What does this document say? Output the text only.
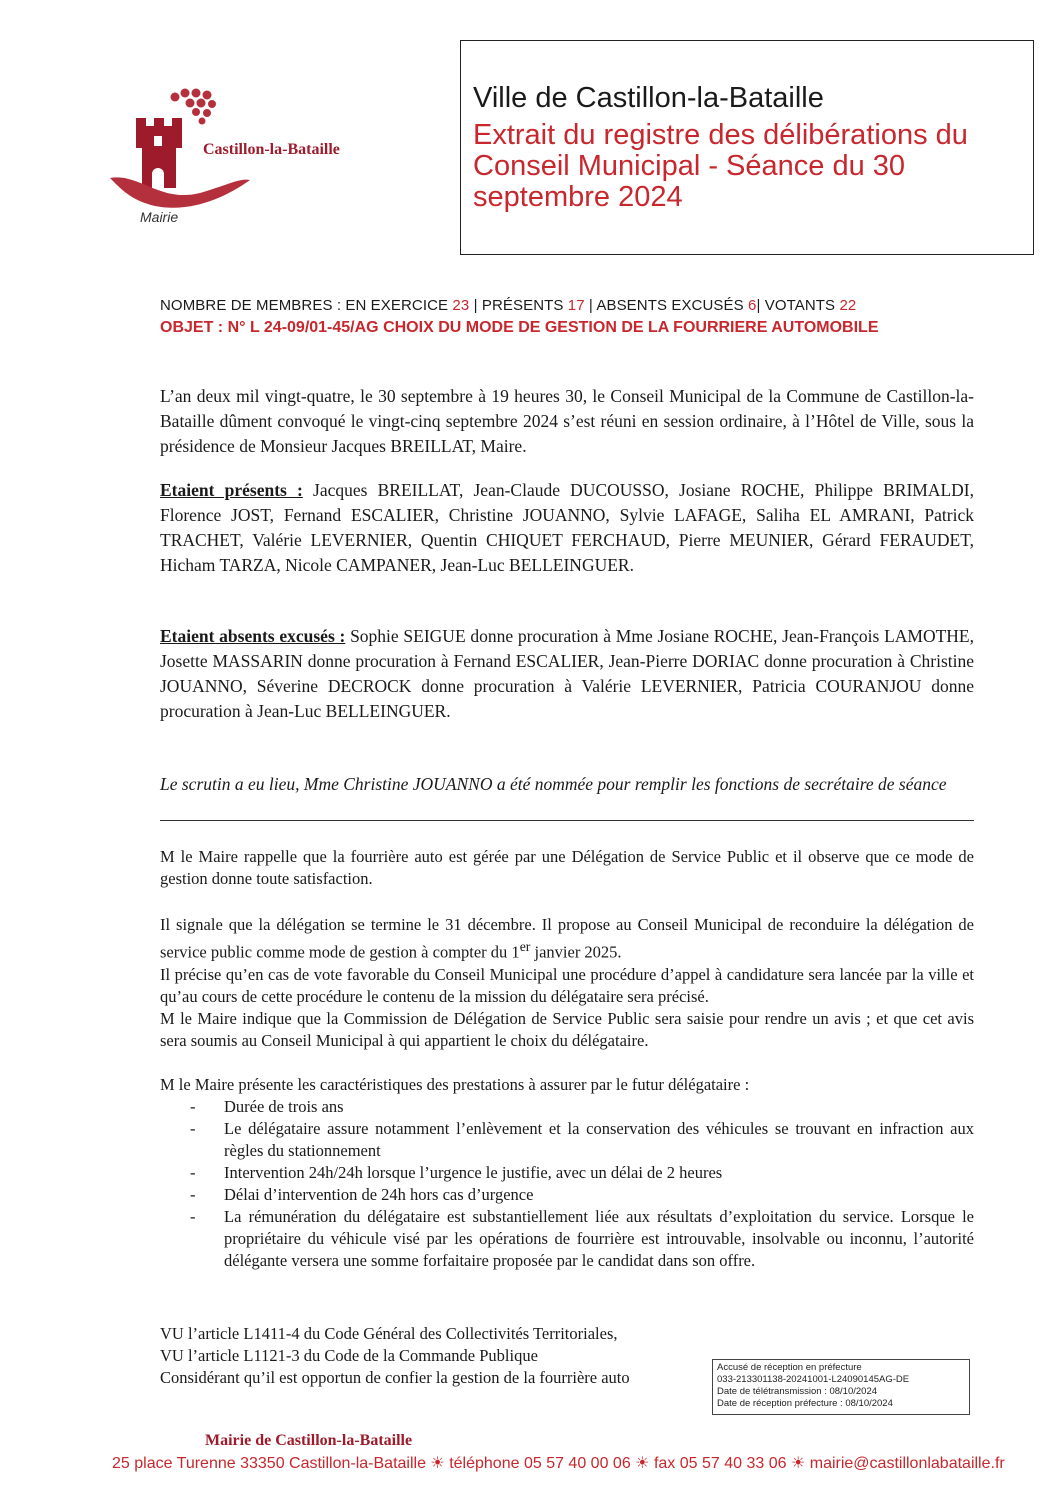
Castillon-la-Bataille
Mairie
Ville de Castillon-la-Bataille
Extrait du registre des délibérations du
Conseil Municipal - Séance du 30
septembre 2024
NOMBRE DE MEMBRES : EN EXERCICE 23 | PRÉSENTS 17 | ABSENTS EXCUSÉS 6| VOTANTS 22
OBJET : N° L 24-09/01-45/AG CHOIX DU MODE DE GESTION DE LA FOURRIERE AUTOMOBILE
L’an deux mil vingt-quatre, le 30 septembre à 19 heures 30, le Conseil Municipal de la Commune de Castillon-la-Bataille dûment convoqué le vingt-cinq septembre 2024 s’est réuni en session ordinaire, à l’Hôtel de Ville, sous la présidence de Monsieur Jacques BREILLAT, Maire.
Etaient présents : Jacques BREILLAT, Jean-Claude DUCOUSSO, Josiane ROCHE, Philippe BRIMALDI, Florence JOST, Fernand ESCALIER, Christine JOUANNO, Sylvie LAFAGE, Saliha EL AMRANI, Patrick TRACHET, Valérie LEVERNIER, Quentin CHIQUET FERCHAUD, Pierre MEUNIER, Gérard FERAUDET, Hicham TARZA, Nicole CAMPANER, Jean-Luc BELLEINGUER.
Etaient absents excusés : Sophie SEIGUE donne procuration à Mme Josiane ROCHE, Jean-François LAMOTHE, Josette MASSARIN donne procuration à Fernand ESCALIER, Jean-Pierre DORIAC donne procuration à Christine JOUANNO, Séverine DECROCK donne procuration à Valérie LEVERNIER, Patricia COURANJOU donne procuration à Jean-Luc BELLEINGUER.
Le scrutin a eu lieu, Mme Christine JOUANNO a été nommée pour remplir les fonctions de secrétaire de séance
M le Maire rappelle que la fourrière auto est gérée par une Délégation de Service Public et il observe que ce mode de gestion donne toute satisfaction.
Il signale que la délégation se termine le 31 décembre. Il propose au Conseil Municipal de reconduire la délégation de service public comme mode de gestion à compter du 1er janvier 2025.
Il précise qu’en cas de vote favorable du Conseil Municipal une procédure d’appel à candidature sera lancée par la ville et qu’au cours de cette procédure le contenu de la mission du délégataire sera précisé.
M le Maire indique que la Commission de Délégation de Service Public sera saisie pour rendre un avis ; et que cet avis sera soumis au Conseil Municipal à qui appartient le choix du délégataire.
M le Maire présente les caractéristiques des prestations à assurer par le futur délégataire :
- Durée de trois ans
- Le délégataire assure notamment l’enlèvement et la conservation des véhicules se trouvant en infraction aux règles du stationnement
- Intervention 24h/24h lorsque l’urgence le justifie, avec un délai de 2 heures
- Délai d’intervention de 24h hors cas d’urgence
- La rémunération du délégataire est substantiellement liée aux résultats d’exploitation du service. Lorsque le propriétaire du véhicule visé par les opérations de fourrière est introuvable, insolvable ou inconnu, l’autorité délégante versera une somme forfaitaire proposée par le candidat dans son offre.
VU l’article L1411-4 du Code Général des Collectivités Territoriales,
VU l’article L1121-3 du Code de la Commande Publique
Considérant qu’il est opportun de confier la gestion de la fourrière auto
Accusé de réception en préfecture
033-213301138-20241001-L24090145AG-DE
Date de télétransmission : 08/10/2024
Date de réception préfecture : 08/10/2024
Mairie de Castillon-la-Bataille
25 place Turenne 33350 Castillon-la-Bataille ☀ téléphone 05 57 40 00 06 ☀ fax 05 57 40 33 06 ☀ mairie@castillonlabataille.fr
